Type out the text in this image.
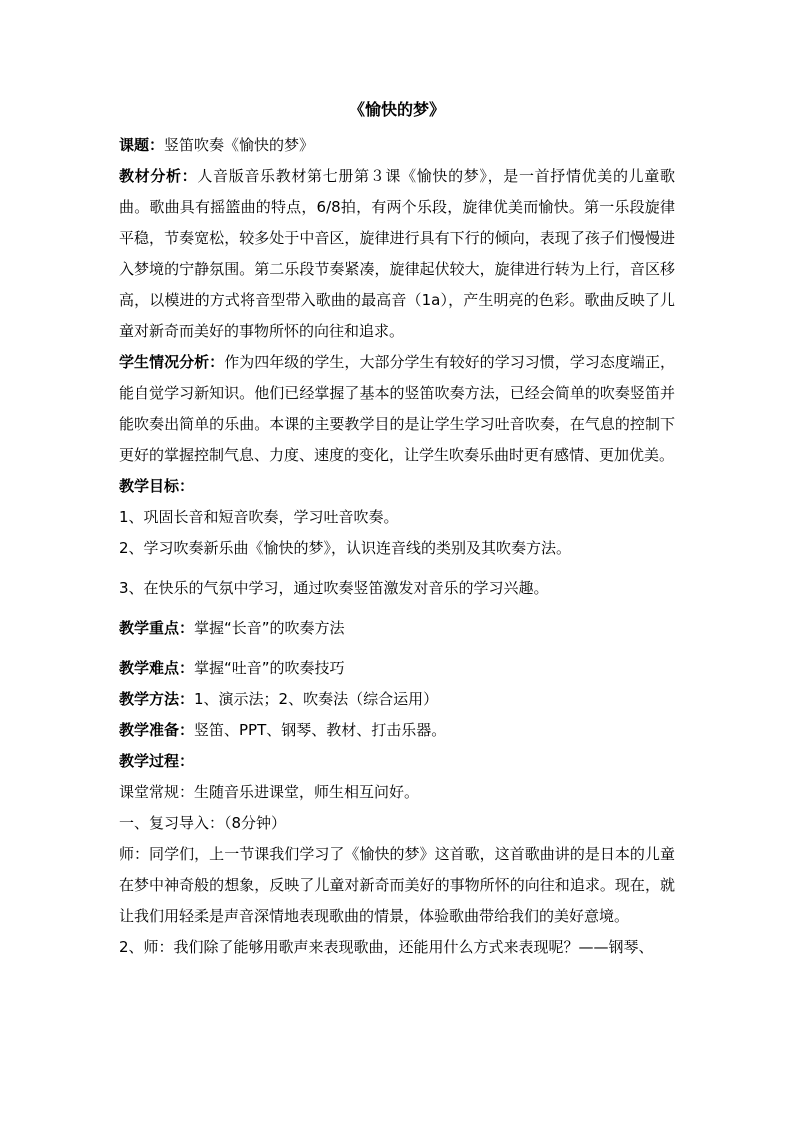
《愉快的梦》

课题：竖笛吹奏《愉快的梦》

教材分析：人音版音乐教材第七册第３课《愉快的梦》，是一首抒情优美的儿童歌曲。歌曲具有摇篮曲的特点，6/8拍，有两个乐段，旋律优美而愉快。第一乐段旋律平稳，节奏宽松，较多处于中音区，旋律进行具有下行的倾向，表现了孩子们慢慢进入梦境的宁静氛围。第二乐段节奏紧凑，旋律起伏较大，旋律进行转为上行，音区移高，以模进的方式将音型带入歌曲的最高音（1a），产生明亮的色彩。歌曲反映了儿童对新奇而美好的事物所怀的向往和追求。

学生情况分析：作为四年级的学生，大部分学生有较好的学习习惯，学习态度端正，能自觉学习新知识。他们已经掌握了基本的竖笛吹奏方法，已经会简单的吹奏竖笛并能吹奏出简单的乐曲。本课的主要教学目的是让学生学习吐音吹奏，在气息的控制下更好的掌握控制气息、力度、速度的变化，让学生吹奏乐曲时更有感情、更加优美。

教学目标：

1、巩固长音和短音吹奏，学习吐音吹奏。

2、学习吹奏新乐曲《愉快的梦》，认识连音线的类别及其吹奏方法。

3、在快乐的气氛中学习，通过吹奏竖笛激发对音乐的学习兴趣。

教学重点：掌握“长音”的吹奏方法

教学难点：掌握“吐音”的吹奏技巧

教学方法：1、演示法；2、吹奏法（综合运用）

教学准备：竖笛、PPT、钢琴、教材、打击乐器。

教学过程：

课堂常规：生随音乐进课堂，师生相互问好。

一、复习导入：（8分钟）

师：同学们，上一节课我们学习了《愉快的梦》这首歌，这首歌曲讲的是日本的儿童在梦中神奇般的想象，反映了儿童对新奇而美好的事物所怀的向往和追求。现在，就让我们用轻柔是声音深情地表现歌曲的情景，体验歌曲带给我们的美好意境。

2、师：我们除了能够用歌声来表现歌曲，还能用什么方式来表现呢？——钢琴、
